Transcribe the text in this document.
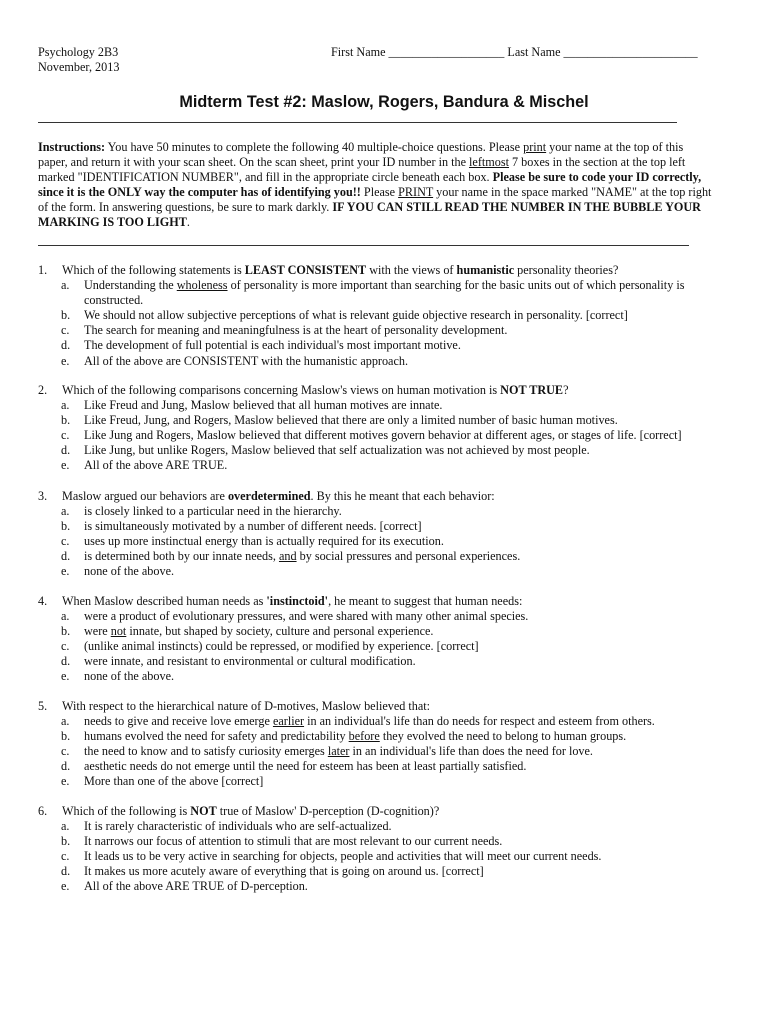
Psychology 2B3
November, 2013
First Name ___________________ Last Name ______________________
Midterm Test #2: Maslow, Rogers, Bandura & Mischel
Instructions: You have 50 minutes to complete the following 40 multiple-choice questions. Please print your name at the top of this paper, and return it with your scan sheet. On the scan sheet, print your ID number in the leftmost 7 boxes in the section at the top left marked "IDENTIFICATION NUMBER", and fill in the appropriate circle beneath each box. Please be sure to code your ID correctly, since it is the ONLY way the computer has of identifying you!! Please PRINT your name in the space marked "NAME" at the top right of the form. In answering questions, be sure to mark darkly. IF YOU CAN STILL READ THE NUMBER IN THE BUBBLE YOUR MARKING IS TOO LIGHT.
1. Which of the following statements is LEAST CONSISTENT with the views of humanistic personality theories?
a. Understanding the wholeness of personality is more important than searching for the basic units out of which personality is
constructed.
b. We should not allow subjective perceptions of what is relevant guide objective research in personality. [correct]
c. The search for meaning and meaningfulness is at the heart of personality development.
d. The development of full potential is each individual's most important motive.
e. All of the above are CONSISTENT with the humanistic approach.
2. Which of the following comparisons concerning Maslow's views on human motivation is NOT TRUE?
a. Like Freud and Jung, Maslow believed that all human motives are innate.
b. Like Freud, Jung, and Rogers, Maslow believed that there are only a limited number of basic human motives.
c. Like Jung and Rogers, Maslow believed that different motives govern behavior at different ages, or stages of life. [correct]
d. Like Jung, but unlike Rogers, Maslow believed that self actualization was not achieved by most people.
e. All of the above ARE TRUE.
3. Maslow argued our behaviors are overdetermined. By this he meant that each behavior:
a. is closely linked to a particular need in the hierarchy.
b. is simultaneously motivated by a number of different needs. [correct]
c. uses up more instinctual energy than is actually required for its execution.
d. is determined both by our innate needs, and by social pressures and personal experiences.
e. none of the above.
4. When Maslow described human needs as 'instinctoid', he meant to suggest that human needs:
a. were a product of evolutionary pressures, and were shared with many other animal species.
b. were not innate, but shaped by society, culture and personal experience.
c. (unlike animal instincts) could be repressed, or modified by experience. [correct]
d. were innate, and resistant to environmental or cultural modification.
e. none of the above.
5. With respect to the hierarchical nature of D-motives, Maslow believed that:
a. needs to give and receive love emerge earlier in an individual's life than do needs for respect and esteem from others.
b. humans evolved the need for safety and predictability before they evolved the need to belong to human groups.
c. the need to know and to satisfy curiosity emerges later in an individual's life than does the need for love.
d. aesthetic needs do not emerge until the need for esteem has been at least partially satisfied.
e. More than one of the above [correct]
6. Which of the following is NOT true of Maslow' D-perception (D-cognition)?
a. It is rarely characteristic of individuals who are self-actualized.
b. It narrows our focus of attention to stimuli that are most relevant to our current needs.
c. It leads us to be very active in searching for objects, people and activities that will meet our current needs.
d. It makes us more acutely aware of everything that is going on around us. [correct]
e. All of the above ARE TRUE of D-perception.
